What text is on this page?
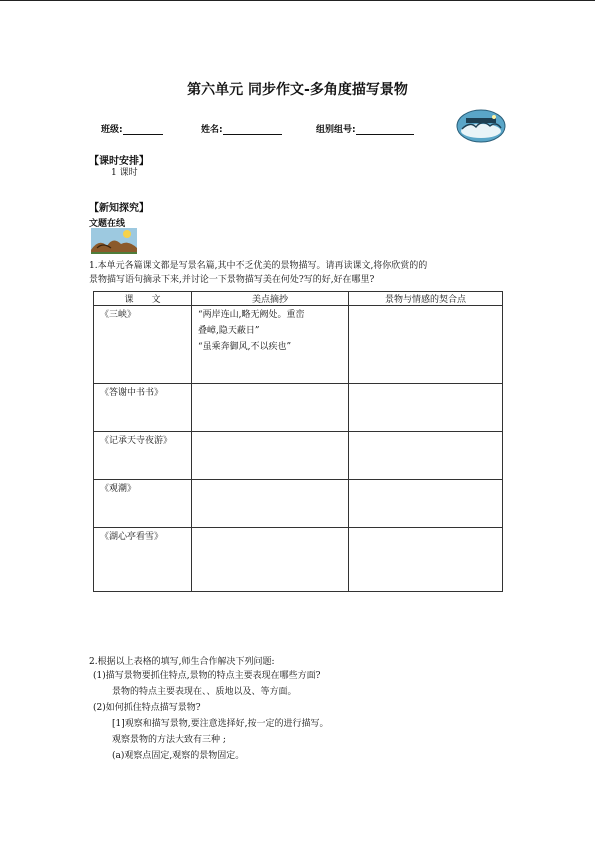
第六单元 同步作文-多角度描写景物
班级:	姓名:	组别组号:
【课时安排】
1 课时
【新知探究】
文题在线
1.本单元各篇课文都是写景名篇,其中不乏优美的景物描写。请再读课文,将你欣赏的的
景物描写语句摘录下来,并讨论一下景物描写美在何处?写的好,好在哪里?
课　　文	美点摘抄	景物与情感的契合点
《三峡》	“两岸连山,略无阙处。重峦
叠嶂,隐天蔽日”
“虽乘奔御风,不以疾也”	

《答谢中书书》		
《记承天寺夜游》		
《观潮》		
《湖心亭看雪》		
2.根据以上表格的填写,师生合作解决下列问题:
(1)描写景物要抓住特点,景物的特点主要表现在哪些方面?
景物的特点主要表现在、、质地以及、等方面。
(2)如何抓住特点描写景物?
[1]观察和描写景物,要注意选择好,按一定的进行描写。
观察景物的方法大致有三种 ;
(a)观察点固定,观察的景物固定。
